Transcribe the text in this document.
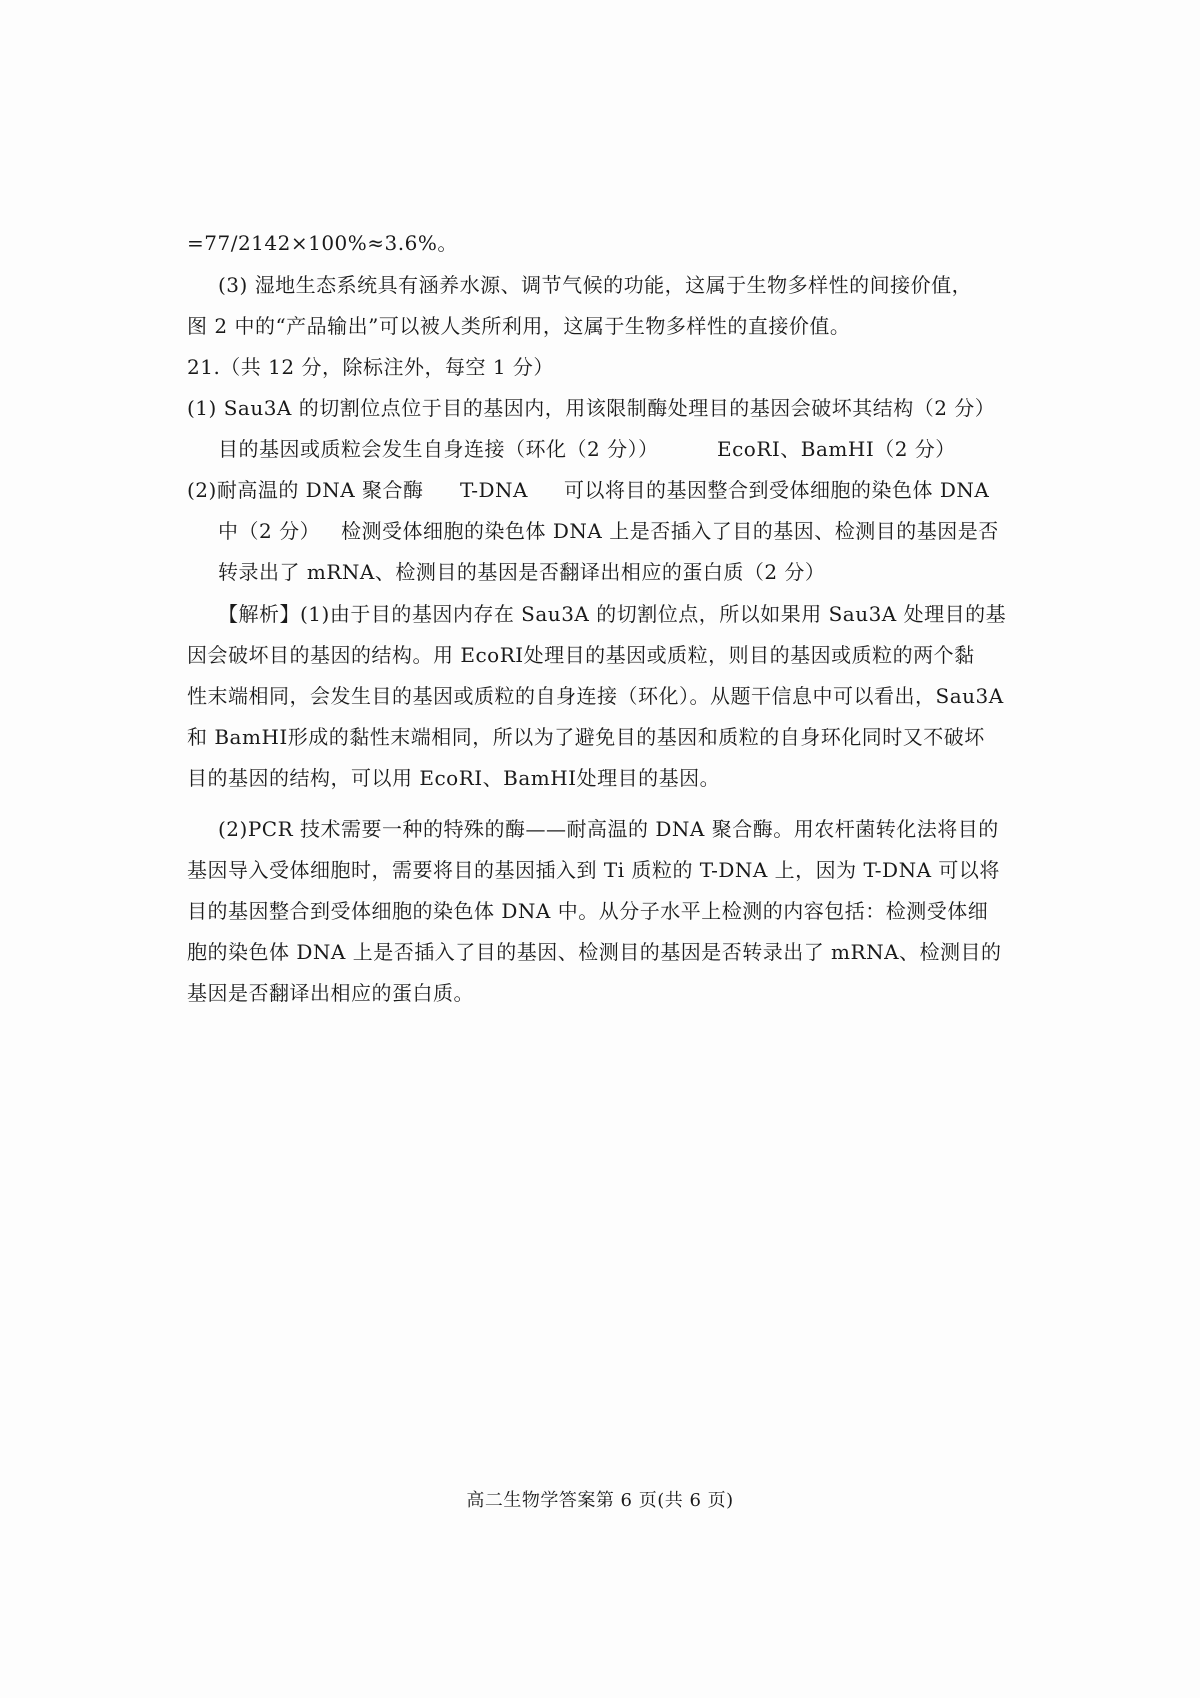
=77/2142×100%≈3.6%。
(3) 湿地生态系统具有涵养水源、调节气候的功能，这属于生物多样性的间接价值，
图 2 中的“产品输出”可以被人类所利用，这属于生物多样性的直接价值。
21.（共 12 分，除标注外，每空 1 分）
(1) Sau3A 的切割位点位于目的基因内，用该限制酶处理目的基因会破坏其结构（2 分）
目的基因或质粒会发生自身连接（环化（2 分））	EcoRⅠ、BamHⅠ（2 分）
(2)耐高温的 DNA 聚合酶 T-DNA 可以将目的基因整合到受体细胞的染色体 DNA
中（2 分） 检测受体细胞的染色体 DNA 上是否插入了目的基因、检测目的基因是否
转录出了 mRNA、检测目的基因是否翻译出相应的蛋白质（2 分）
【解析】(1)由于目的基因内存在 Sau3A 的切割位点，所以如果用 Sau3A 处理目的基
因会破坏目的基因的结构。用 EcoRⅠ处理目的基因或质粒，则目的基因或质粒的两个黏
性末端相同，会发生目的基因或质粒的自身连接（环化）。从题干信息中可以看出，Sau3A
和 BamHⅠ形成的黏性末端相同，所以为了避免目的基因和质粒的自身环化同时又不破坏
目的基因的结构，可以用 EcoRⅠ、BamHⅠ处理目的基因。
(2)PCR 技术需要一种的特殊的酶——耐高温的 DNA 聚合酶。用农杆菌转化法将目的
基因导入受体细胞时，需要将目的基因插入到 Ti 质粒的 T-DNA 上，因为 T-DNA 可以将
目的基因整合到受体细胞的染色体 DNA 中。从分子水平上检测的内容包括：检测受体细
胞的染色体 DNA 上是否插入了目的基因、检测目的基因是否转录出了 mRNA、检测目的
基因是否翻译出相应的蛋白质。
高二生物学答案第 6 页(共 6 页)
